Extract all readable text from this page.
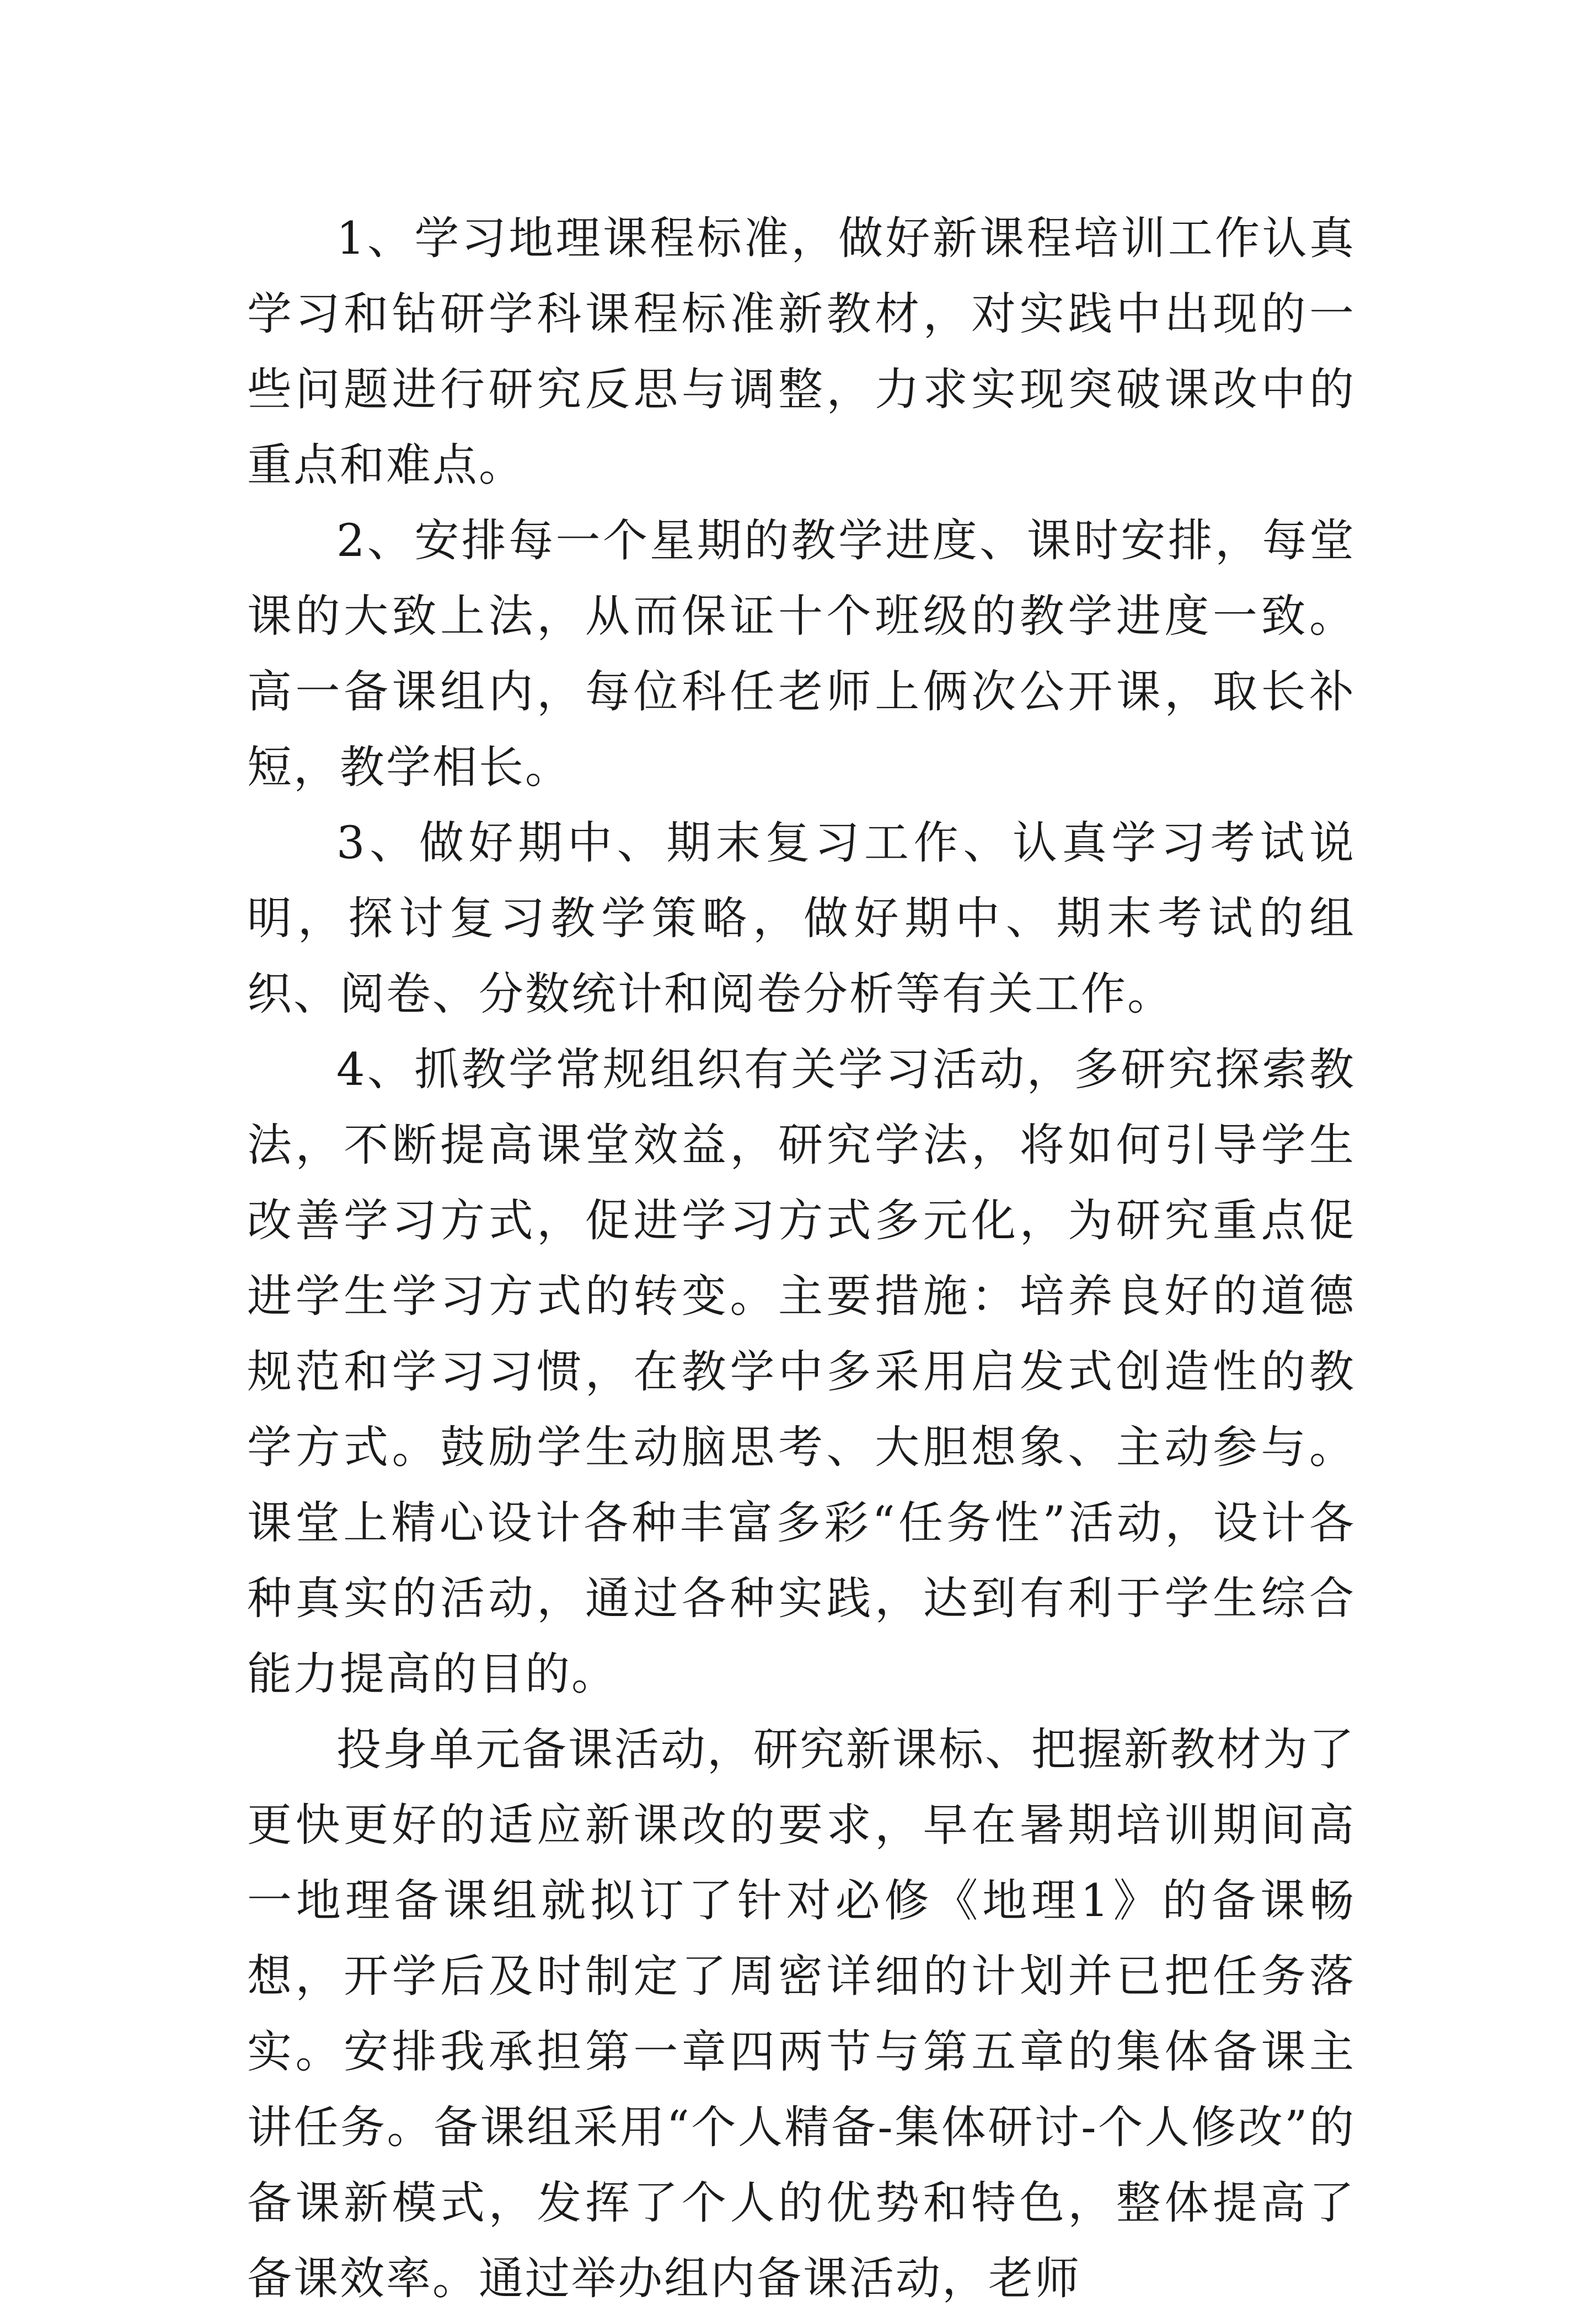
1、学习地理课程标准，做好新课程培训工作认真学习和钻研学科课程标准新教材，对实践中出现的一些问题进行研究反思与调整，力求实现突破课改中的重点和难点。

2、安排每一个星期的教学进度、课时安排，每堂课的大致上法，从而保证十个班级的教学进度一致。高一备课组内，每位科任老师上俩次公开课，取长补短，教学相长。

3、做好期中、期末复习工作、认真学习考试说明，探讨复习教学策略，做好期中、期末考试的组织、阅卷、分数统计和阅卷分析等有关工作。

4、抓教学常规组织有关学习活动，多研究探索教法，不断提高课堂效益，研究学法，将如何引导学生改善学习方式，促进学习方式多元化，为研究重点促进学生学习方式的转变。主要措施：培养良好的道德规范和学习习惯，在教学中多采用启发式创造性的教学方式。鼓励学生动脑思考、大胆想象、主动参与。课堂上精心设计各种丰富多彩“任务性”活动，设计各种真实的活动，通过各种实践，达到有利于学生综合能力提高的目的。

投身单元备课活动，研究新课标、把握新教材为了更快更好的适应新课改的要求，早在暑期培训期间高一地理备课组就拟订了针对必修《地理1》的备课畅想，开学后及时制定了周密详细的计划并已把任务落实。安排我承担第一章四两节与第五章的集体备课主讲任务。备课组采用“个人精备-集体研讨-个人修改”的备课新模式，发挥了个人的优势和特色，整体提高了备课效率。通过举办组内备课活动，老师
